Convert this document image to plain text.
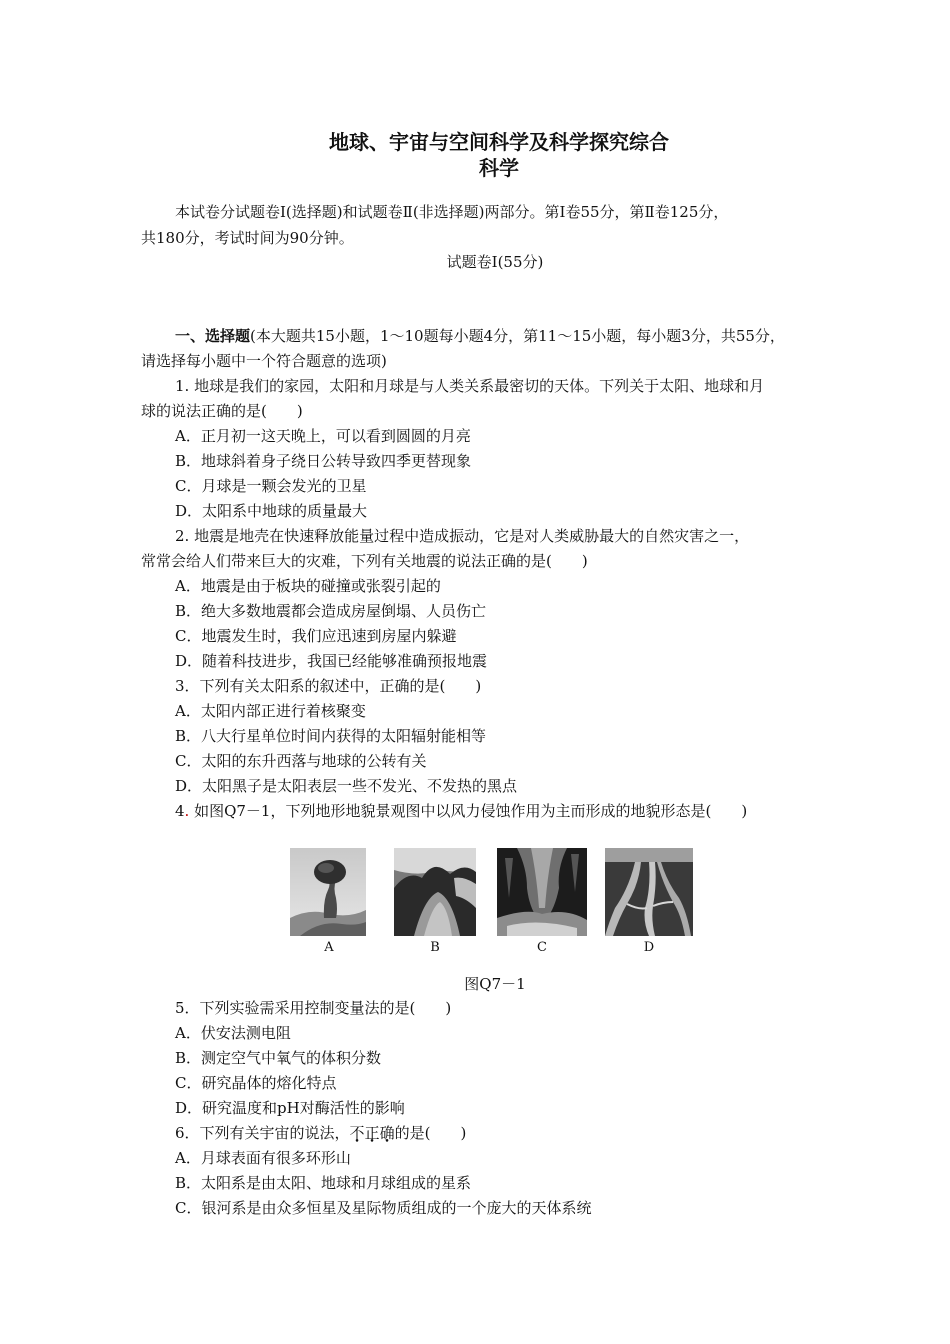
地球、宇宙与空间科学及科学探究综合
科学
本试卷分试题卷Ⅰ(选择题)和试题卷Ⅱ(非选择题)两部分。第Ⅰ卷55分，第Ⅱ卷125分，
共180分，考试时间为90分钟。
试题卷Ⅰ(55分)
一、选择题(本大题共15小题，1～10题每小题4分，第11～15小题，每小题3分，共55分，
请选择每小题中一个符合题意的选项)
1. 地球是我们的家园，太阳和月球是与人类关系最密切的天体。下列关于太阳、地球和月
球的说法正确的是(　　)
A．正月初一这天晚上，可以看到圆圆的月亮
B．地球斜着身子绕日公转导致四季更替现象
C．月球是一颗会发光的卫星
D．太阳系中地球的质量最大
2. 地震是地壳在快速释放能量过程中造成振动，它是对人类威胁最大的自然灾害之一，
常常会给人们带来巨大的灾难，下列有关地震的说法正确的是(　　)
A．地震是由于板块的碰撞或张裂引起的
B．绝大多数地震都会造成房屋倒塌、人员伤亡
C．地震发生时，我们应迅速到房屋内躲避
D．随着科技进步，我国已经能够准确预报地震
3．下列有关太阳系的叙述中，正确的是(　　)
A．太阳内部正进行着核聚变
B．八大行星单位时间内获得的太阳辐射能相等
C．太阳的东升西落与地球的公转有关
D．太阳黑子是太阳表层一些不发光、不发热的黑点
4. 如图Q7－1，下列地形地貌景观图中以风力侵蚀作用为主而形成的地貌形态是(　　)
A	B	C	D
图Q7－1
5．下列实验需采用控制变量法的是(　　)
A．伏安法测电阻
B．测定空气中氧气的体积分数
C．研究晶体的熔化特点
D．研究温度和pH对酶活性的影响
6．下列有关宇宙的说法，不正确的是(　　)
A．月球表面有很多环形山
B．太阳系是由太阳、地球和月球组成的星系
C．银河系是由众多恒星及星际物质组成的一个庞大的天体系统
